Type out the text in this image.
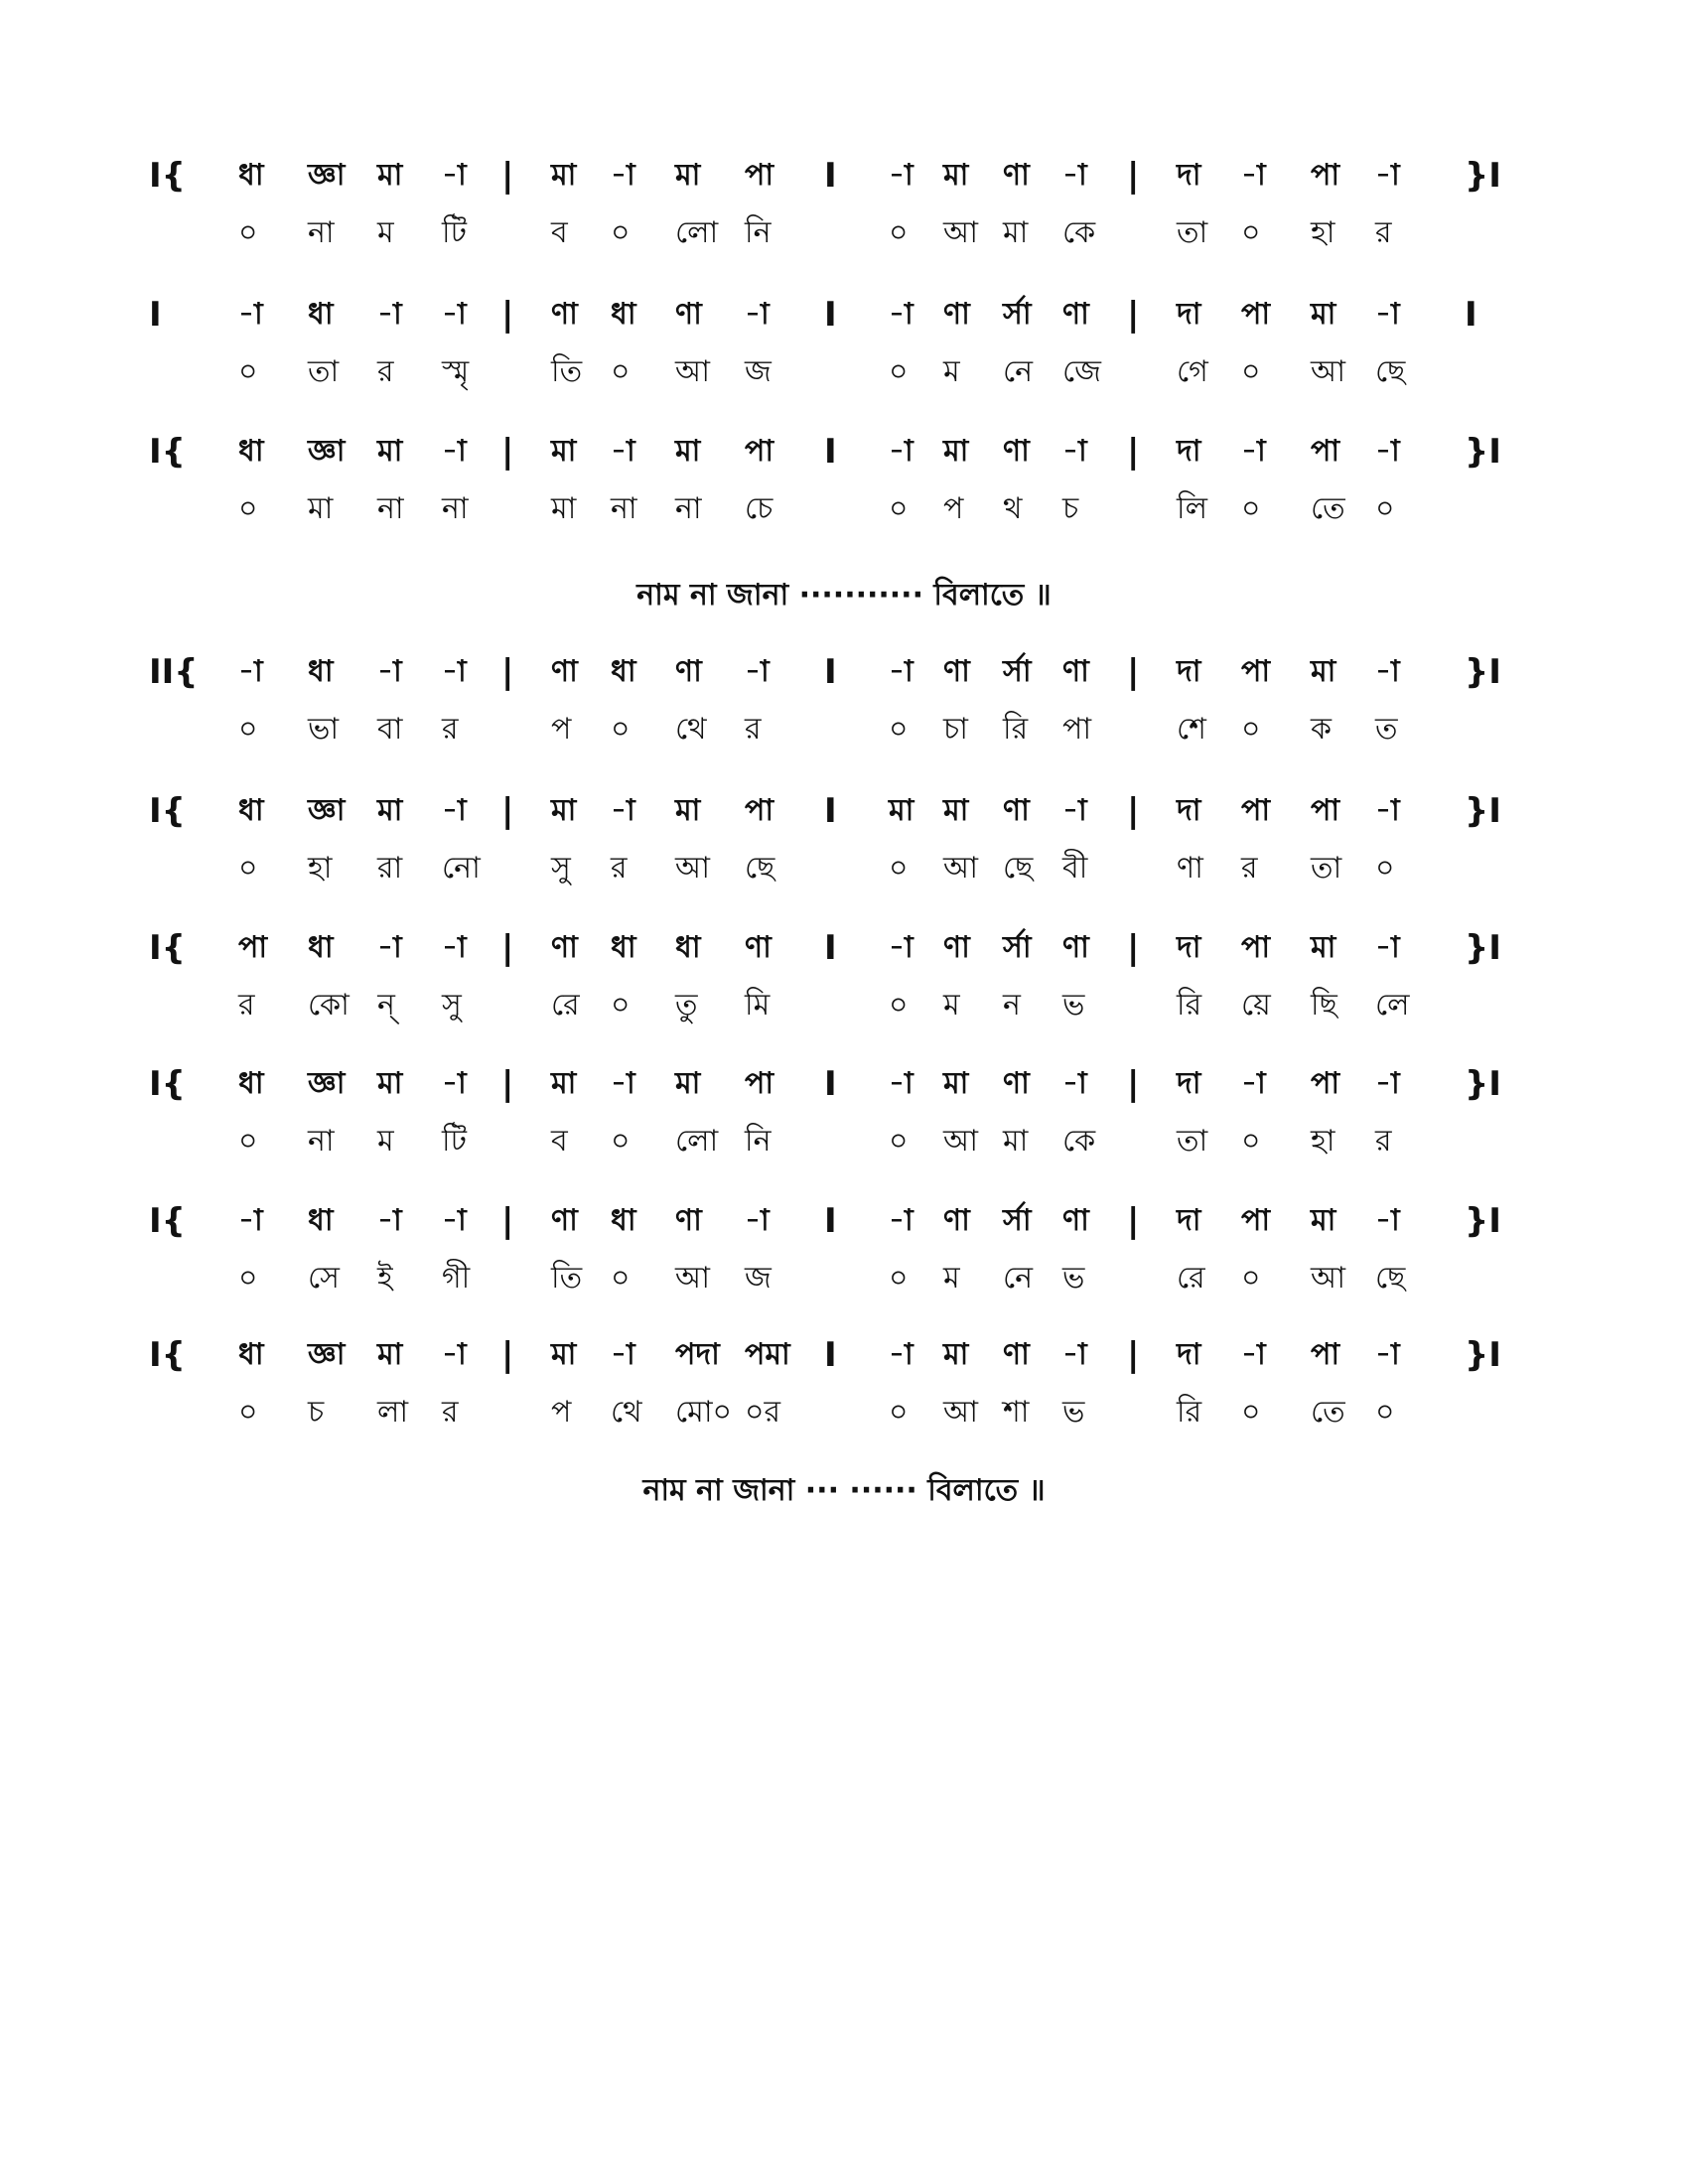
I{ ধা জ্ঞা মা -া | মা -া মা পা I -া মা ণা -া | দা -া পা -া }I
০ না ম টি	ব ০ লো নি	০ আ মা কে	তা ০ হা র
I	-া ধা -া -া | ণা ধা ণা -া I -া ণা র্সা ণা | দা পা মা -া I
০ তা র স্মৃ	তি ০ আ জ	০ ম নে জে	গে ০ আ ছে
I{ ধা জ্ঞা মা -া | মা -া মা পা I -া মা ণা -া | দা -া পা -া }I
০ মা না না	মা না না চে	০ প থ চ	লি ০ তে ০
II{ -া ধা -া -া | ণা ধা ণা -া I -া ণা র্সা ণা | দা পা মা -া }I
০ ভা বা র	প ০ থে র	০ চা রি পা	শে ০ ক ত
I{ ধা জ্ঞা মা -া | মা -া মা পা I মা মা ণা -া | দা পা পা -া }I
০ হা রা নো সু র আ ছে	০ আ ছে বী	ণা র তা ০
I{ পা ধা -া -া | ণা ধা ধা ণা I -া ণা র্সা ণা | দা পা মা -া }I
র কো ন্ সু	রে ০ তু মি	০ ম ন ভ	রি য়ে ছি লে
I{ ধা জ্ঞা মা -া | মা -া মা পা I -া মা ণা -া | দা -া পা -া }I
০ না ম টি	ব ০ লো নি	০ আ মা কে	তা ০ হা র
I{ -া ধা -া -া | ণা ধা ণা -া I -া ণা র্সা ণা | দা পা মা -া }I
০ সে ই গী	তি ০ আ জ	০ ম নে ভ	রে ০ আ ছে
I{ ধা জ্ঞা মা -া | মা -া পদা পমা I -া মা ণা -া | দা -া পা -া }I
০ চ লা র	প থে মো০ ০র	০ আ শা ভ	রি ০ তে ০
নাম না জানা ··········· বিলাতে ॥
নাম না জানা ··· ······ বিলাতে ॥
